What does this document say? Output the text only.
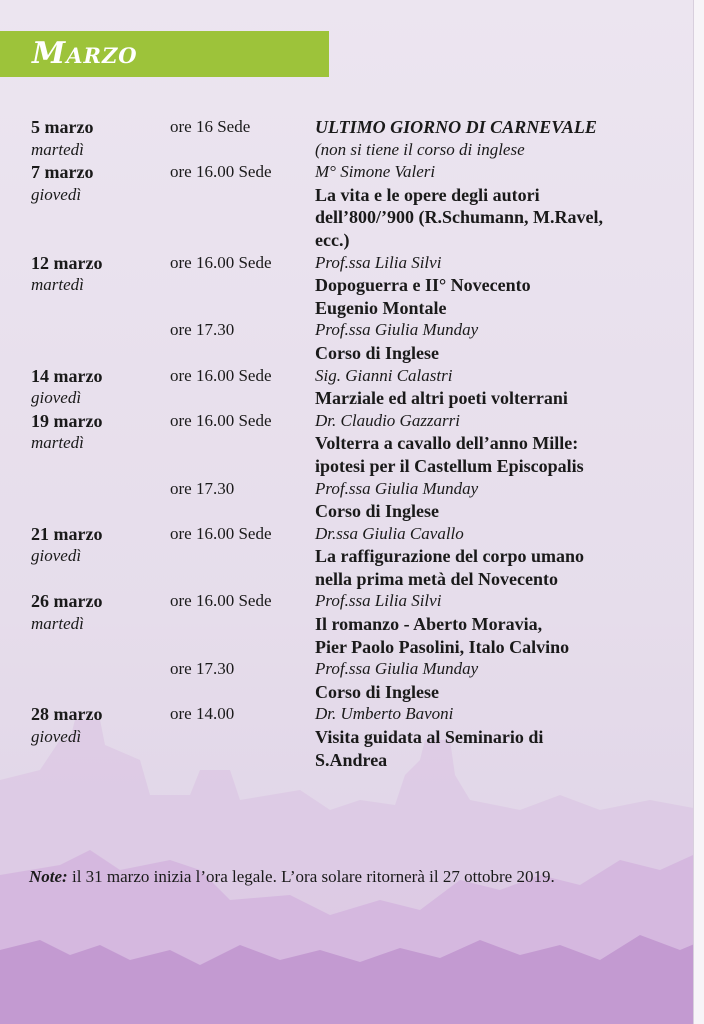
Marzo
5 marzo	ore 16 Sede	ULTIMO GIORNO DI CARNEVALE
martedì	(non si tiene il corso di inglese
7 marzo	ore 16.00 Sede	M° Simone Valeri
giovedì	La vita e le opere degli autori
dell’800/’900 (R.Schumann, M.Ravel,
ecc.)
12 marzo	ore 16.00 Sede	Prof.ssa Lilia Silvi
martedì	Dopoguerra e II° Novecento
Eugenio Montale
ore 17.30	Prof.ssa Giulia Munday
Corso di Inglese
14 marzo	ore 16.00 Sede	Sig. Gianni Calastri
giovedì	Marziale ed altri poeti volterrani
19 marzo	ore 16.00 Sede	Dr. Claudio Gazzarri
martedì	Volterra a cavallo dell’anno Mille:
ipotesi per il Castellum Episcopalis
ore 17.30	Prof.ssa Giulia Munday
Corso di Inglese
21 marzo	ore 16.00 Sede	Dr.ssa Giulia Cavallo
giovedì	La raffigurazione del corpo umano
nella prima metà del Novecento
26 marzo	ore 16.00 Sede	Prof.ssa Lilia Silvi
martedì	Il romanzo - Aberto Moravia,
Pier Paolo Pasolini, Italo Calvino
ore 17.30	Prof.ssa Giulia Munday
Corso di Inglese
28 marzo	ore 14.00	Dr. Umberto Bavoni
giovedì	Visita guidata al Seminario di
S.Andrea
Note: il 31 marzo inizia l’ora legale. L’ora solare ritornerà il 27 ottobre 2019.
